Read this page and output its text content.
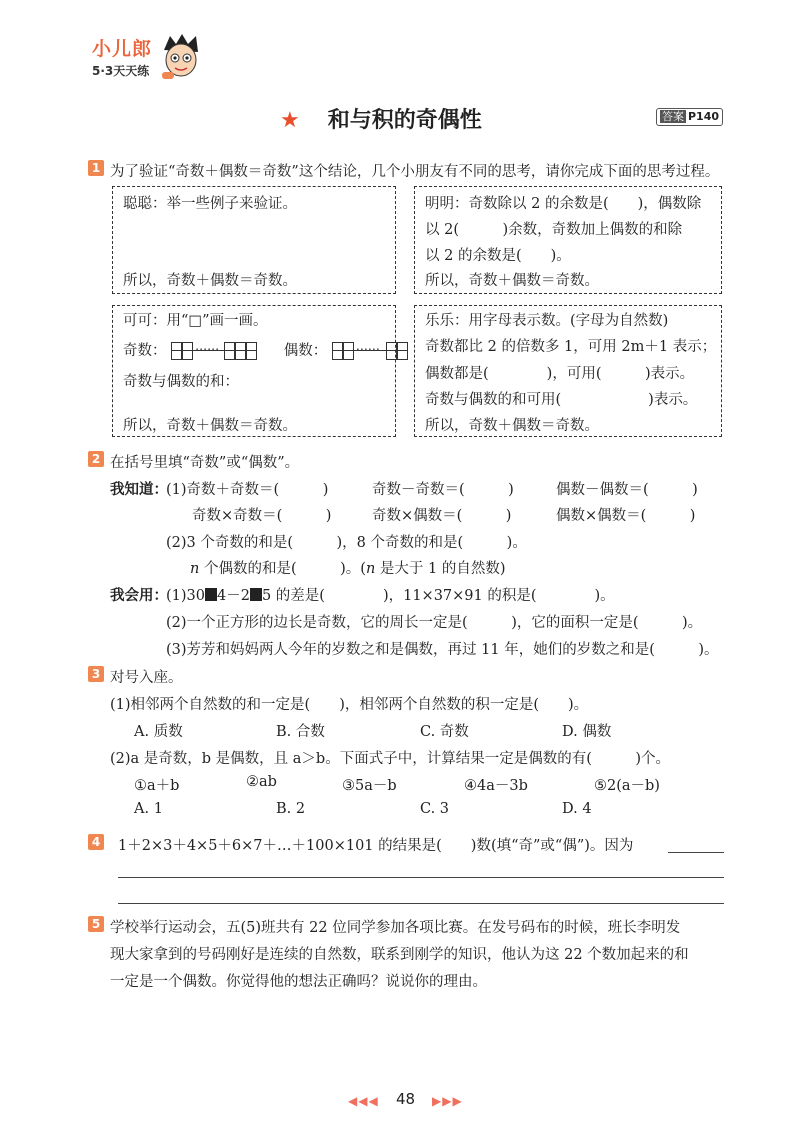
小儿郎
5·3天天练
★ 和与积的奇偶性	答案 P140
1 为了验证“奇数＋偶数＝奇数”这个结论，几个小朋友有不同的思考，请你完成下面的思考过程。
聪聪：举一些例子来验证。
所以，奇数＋偶数＝奇数。
明明：奇数除以 2 的余数是(　　)，偶数除
以 2(　　　)余数，奇数加上偶数的和除
以 2 的余数是(　　)。
所以，奇数＋偶数＝奇数。
可可：用“□”画一画。
奇数： ……	偶数： ……
奇数与偶数的和：
所以，奇数＋偶数＝奇数。
乐乐：用字母表示数。(字母为自然数)
奇数都比 2 的倍数多 1，可用 2m＋1 表示；
偶数都是(　　　　)，可用(　　　)表示。
奇数与偶数的和可用(　　　　　　)表示。
所以，奇数＋偶数＝奇数。
2 在括号里填“奇数”或“偶数”。
我知道：
(1)奇数＋奇数＝(　　　)	奇数－奇数＝(　　　)	偶数－偶数＝(　　　)
奇数×奇数＝(　　　)	奇数×偶数＝(　　　)	偶数×偶数＝(　　　)
(2)3 个奇数的和是(　　　)，8 个奇数的和是(　　　)。
n 个偶数的和是(　　　)。(n 是大于 1 的自然数)
我会用：
(1)30 4－2 5 的差是(　　　　)，11×37×91 的积是(　　　　)。
(2)一个正方形的边长是奇数，它的周长一定是(　　　)，它的面积一定是(　　　)。
(3)芳芳和妈妈两人今年的岁数之和是偶数，再过 11 年，她们的岁数之和是(　　　)。
3 对号入座。
(1)相邻两个自然数的和一定是(　　)，相邻两个自然数的积一定是(　　)。
A. 质数	B. 合数	C. 奇数	D. 偶数
(2)a 是奇数，b 是偶数，且 a＞b。下面式子中，计算结果一定是偶数的有(　　　)个。
①a＋b	②ab	③5a－b	④4a－3b	⑤2(a－b)
A. 1	B. 2	C. 3	D. 4
4 1＋2×3＋4×5＋6×7＋…＋100×101 的结果是(　　)数(填“奇”或“偶”)。因为
5 学校举行运动会，五(5)班共有 22 位同学参加各项比赛。在发号码布的时候，班长李明发
现大家拿到的号码刚好是连续的自然数，联系到刚学的知识，他认为这 22 个数加起来的和
一定是一个偶数。你觉得他的想法正确吗？说说你的理由。
◀◀◀ 48 ▶▶▶
